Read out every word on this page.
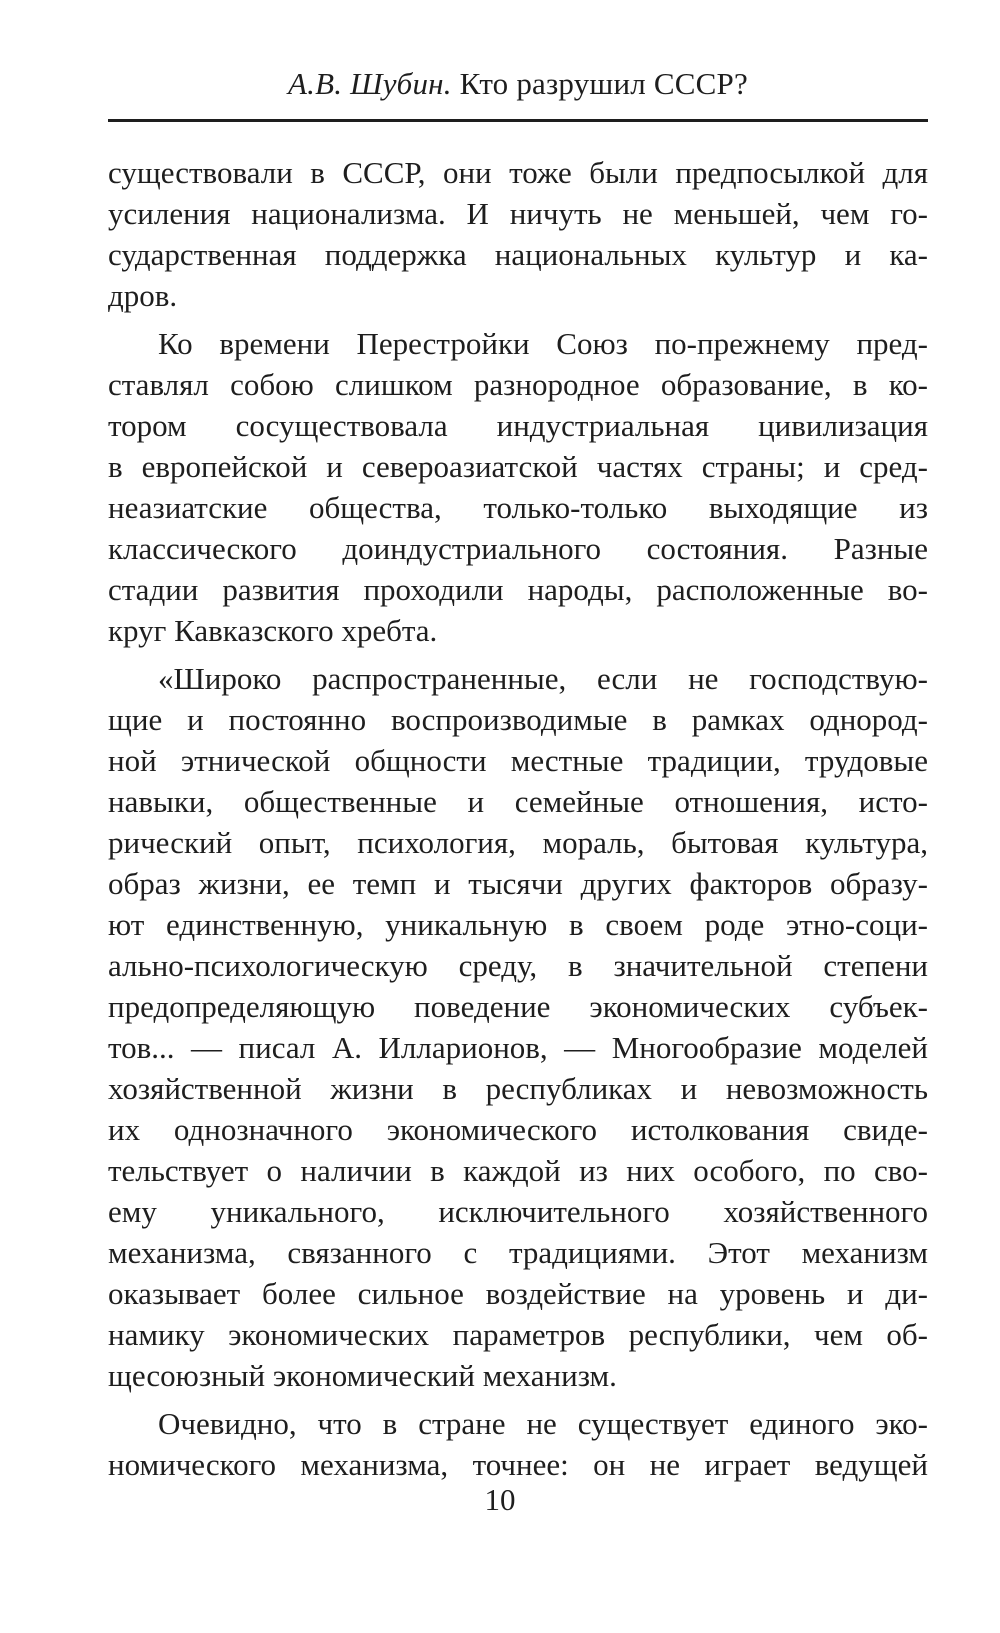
А.В. Шубин. Кто разрушил СССР?
существовали в СССР, они тоже были предпосылкой для
усиления национализма. И ничуть не меньшей, чем го-
сударственная поддержка национальных культур и ка-
дров.
Ко времени Перестройки Союз по-прежнему пред-
ставлял собою слишком разнородное образование, в ко-
тором сосуществовала индустриальная цивилизация
в европейской и североазиатской частях страны; и сред-
неазиатские общества, только-только выходящие из
классического доиндустриального состояния. Разные
стадии развития проходили народы, расположенные во-
круг Кавказского хребта.
«Широко распространенные, если не господствую-
щие и постоянно воспроизводимые в рамках однород-
ной этнической общности местные традиции, трудовые
навыки, общественные и семейные отношения, исто-
рический опыт, психология, мораль, бытовая культура,
образ жизни, ее темп и тысячи других факторов образу-
ют единственную, уникальную в своем роде этно-соци-
ально-психологическую среду, в значительной степени
предопределяющую поведение экономических субъек-
тов... — писал А. Илларионов, — Многообразие моделей
хозяйственной жизни в республиках и невозможность
их однозначного экономического истолкования свиде-
тельствует о наличии в каждой из них особого, по сво-
ему уникального, исключительного хозяйственного
механизма, связанного с традициями. Этот механизм
оказывает более сильное воздействие на уровень и ди-
намику экономических параметров республики, чем об-
щесоюзный экономический механизм.
Очевидно, что в стране не существует единого эко-
номического механизма, точнее: он не играет ведущей
10
